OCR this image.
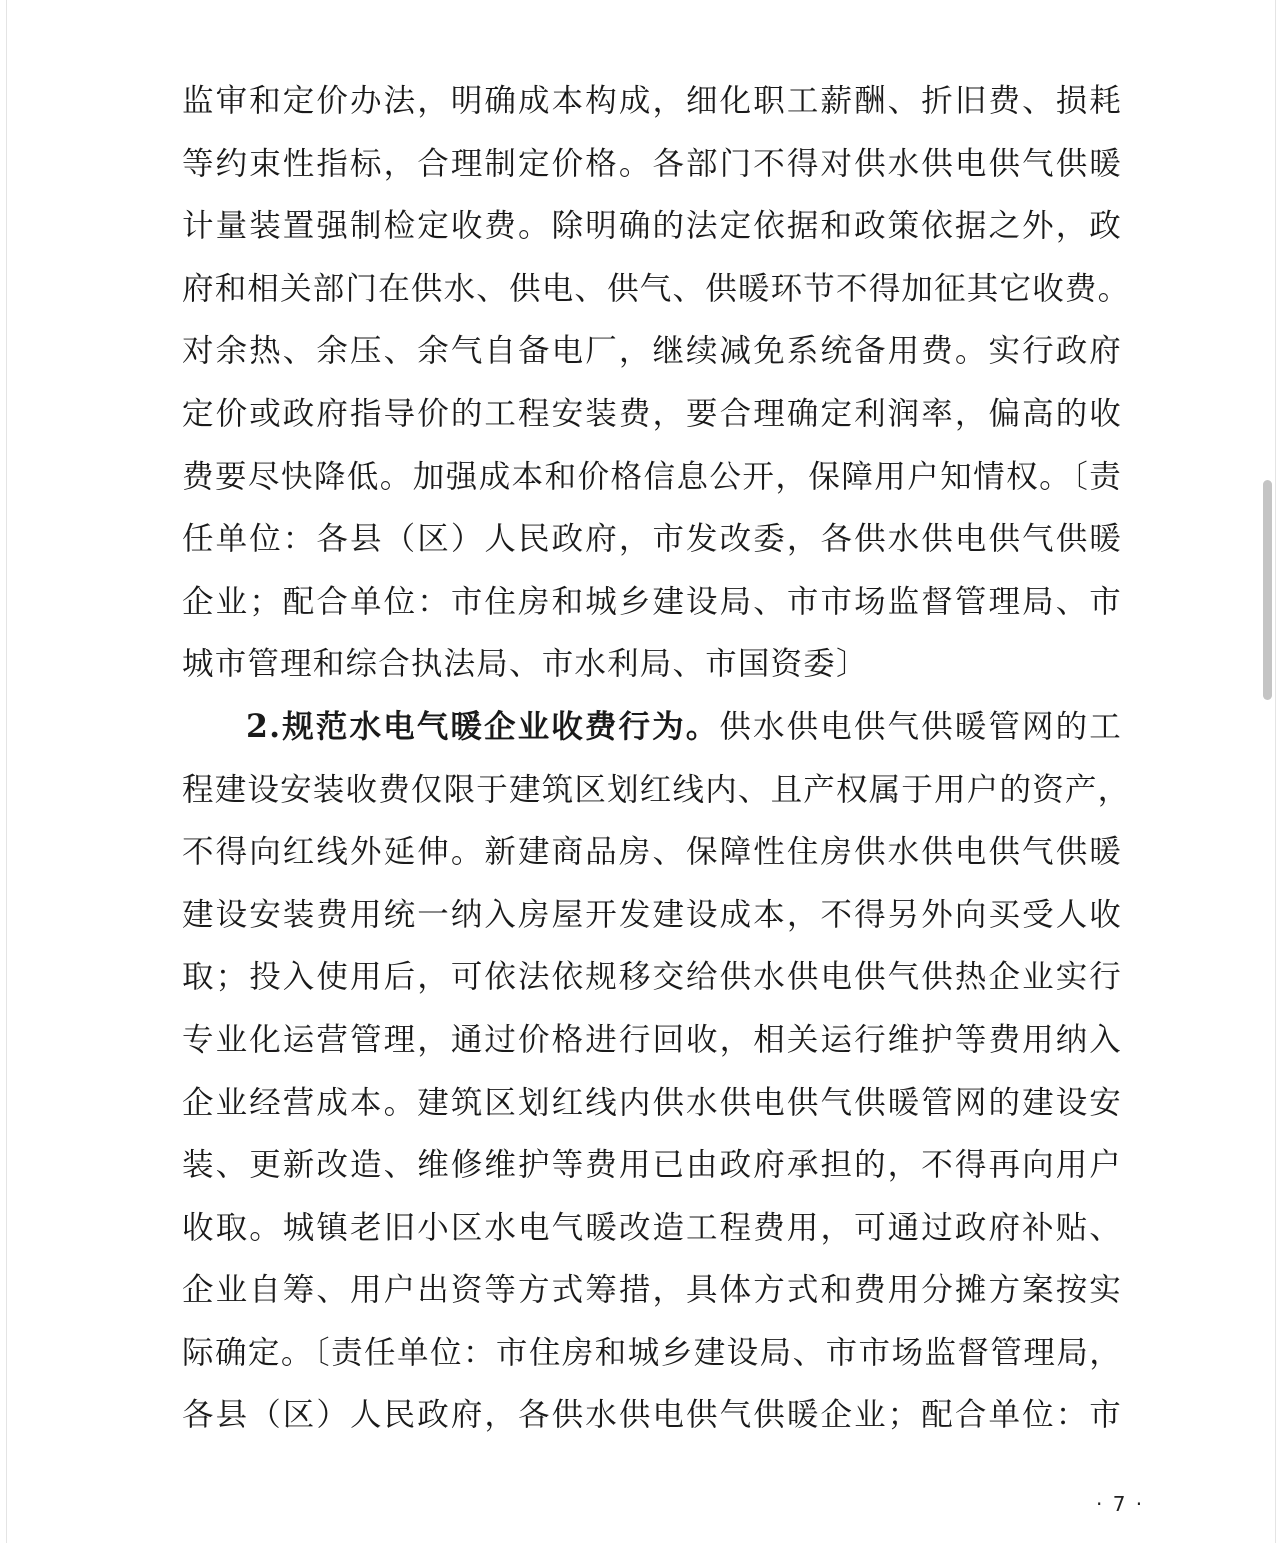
监审和定价办法，明确成本构成，细化职工薪酬、折旧费、损耗
等约束性指标，合理制定价格。各部门不得对供水供电供气供暖
计量装置强制检定收费。除明确的法定依据和政策依据之外，政
府和相关部门在供水、供电、供气、供暖环节不得加征其它收费。
对余热、余压、余气自备电厂，继续减免系统备用费。实行政府
定价或政府指导价的工程安装费，要合理确定利润率，偏高的收
费要尽快降低。加强成本和价格信息公开，保障用户知情权。〔责
任单位：各县（区）人民政府，市发改委，各供水供电供气供暖
企业；配合单位：市住房和城乡建设局、市市场监督管理局、市
城市管理和综合执法局、市水利局、市国资委〕
2.规范水电气暖企业收费行为。供水供电供气供暖管网的工
程建设安装收费仅限于建筑区划红线内、且产权属于用户的资产，
不得向红线外延伸。新建商品房、保障性住房供水供电供气供暖
建设安装费用统一纳入房屋开发建设成本，不得另外向买受人收
取；投入使用后，可依法依规移交给供水供电供气供热企业实行
专业化运营管理，通过价格进行回收，相关运行维护等费用纳入
企业经营成本。建筑区划红线内供水供电供气供暖管网的建设安
装、更新改造、维修维护等费用已由政府承担的，不得再向用户
收取。城镇老旧小区水电气暖改造工程费用，可通过政府补贴、
企业自筹、用户出资等方式筹措，具体方式和费用分摊方案按实
际确定。〔责任单位：市住房和城乡建设局、市市场监督管理局，
各县（区）人民政府，各供水供电供气供暖企业；配合单位：市
· 7 ·
